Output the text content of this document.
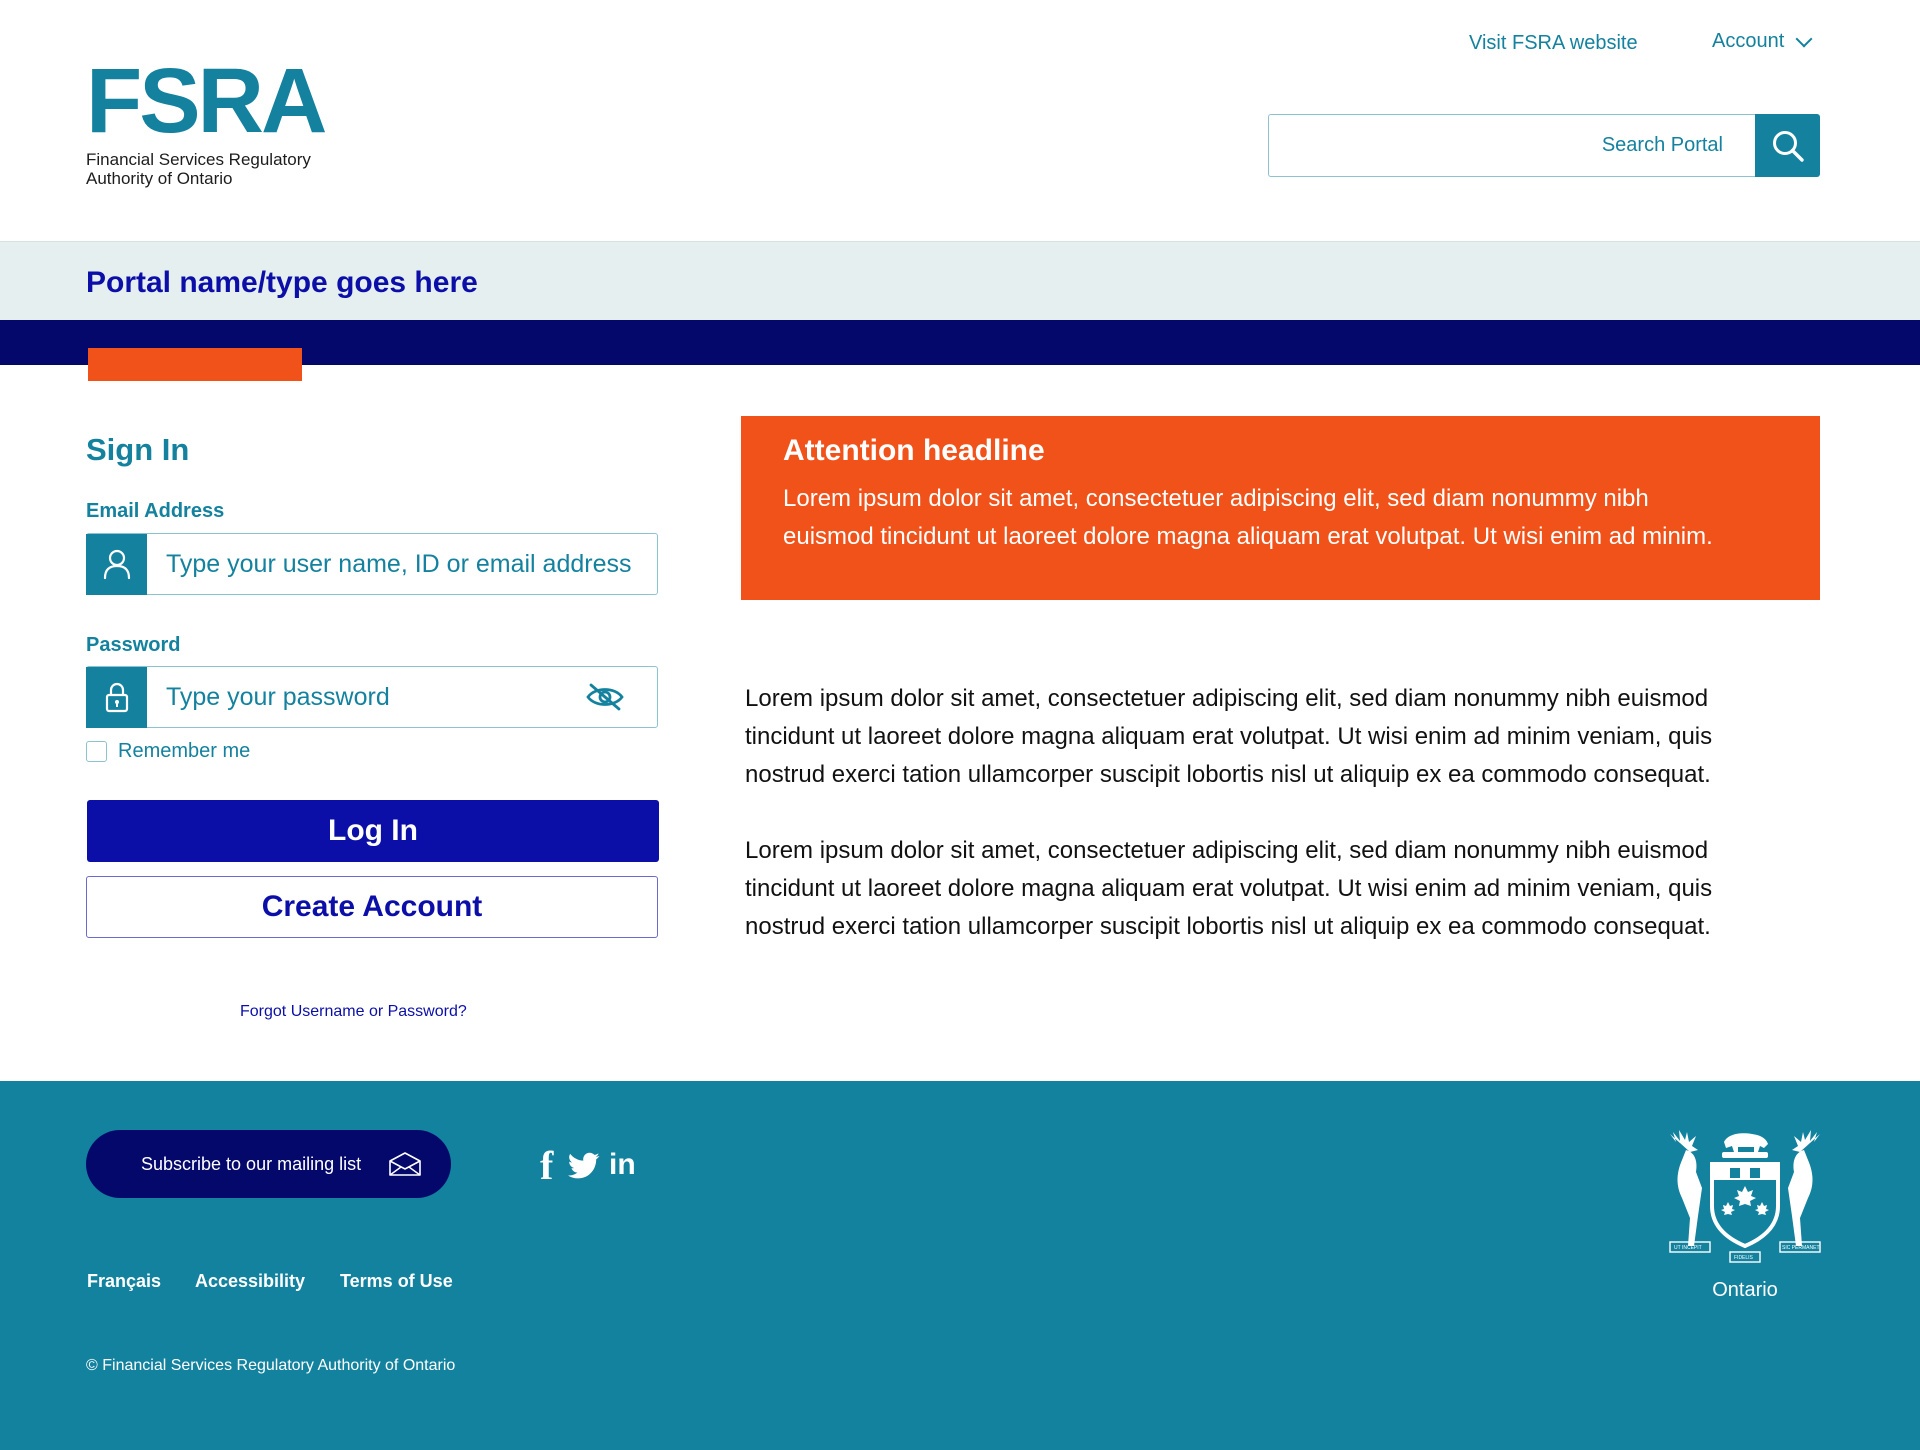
FSRA
Financial Services Regulatory
Authority of Ontario
Visit FSRA website	Account
Search Portal
Portal name/type goes here
Sign In
Email Address
Type your user name, ID or email address
Password
Remember me
Log In
Create Account
Forgot Username or Password?
Attention headline

Lorem ipsum dolor sit amet, consectetuer adipiscing elit, sed diam nonummy nibh
euismod tincidunt ut laoreet dolore magna aliquam erat volutpat. Ut wisi enim ad minim.

Lorem ipsum dolor sit amet, consectetuer adipiscing elit, sed diam nonummy nibh euismod
tincidunt ut laoreet dolore magna aliquam erat volutpat. Ut wisi enim ad minim veniam, quis
nostrud exerci tation ullamcorper suscipit lobortis nisl ut aliquip ex ea commodo consequat.

Lorem ipsum dolor sit amet, consectetuer adipiscing elit, sed diam nonummy nibh euismod
tincidunt ut laoreet dolore magna aliquam erat volutpat. Ut wisi enim ad minim veniam, quis
nostrud exerci tation ullamcorper suscipit lobortis nisl ut aliquip ex ea commodo consequat.

Subscribe to our mailing list	f in
Français Accessibility Terms of Use
© Financial Services Regulatory Authority of Ontario
UT INCEPIT
FIDELIS
SIC PERMANET
Ontario
